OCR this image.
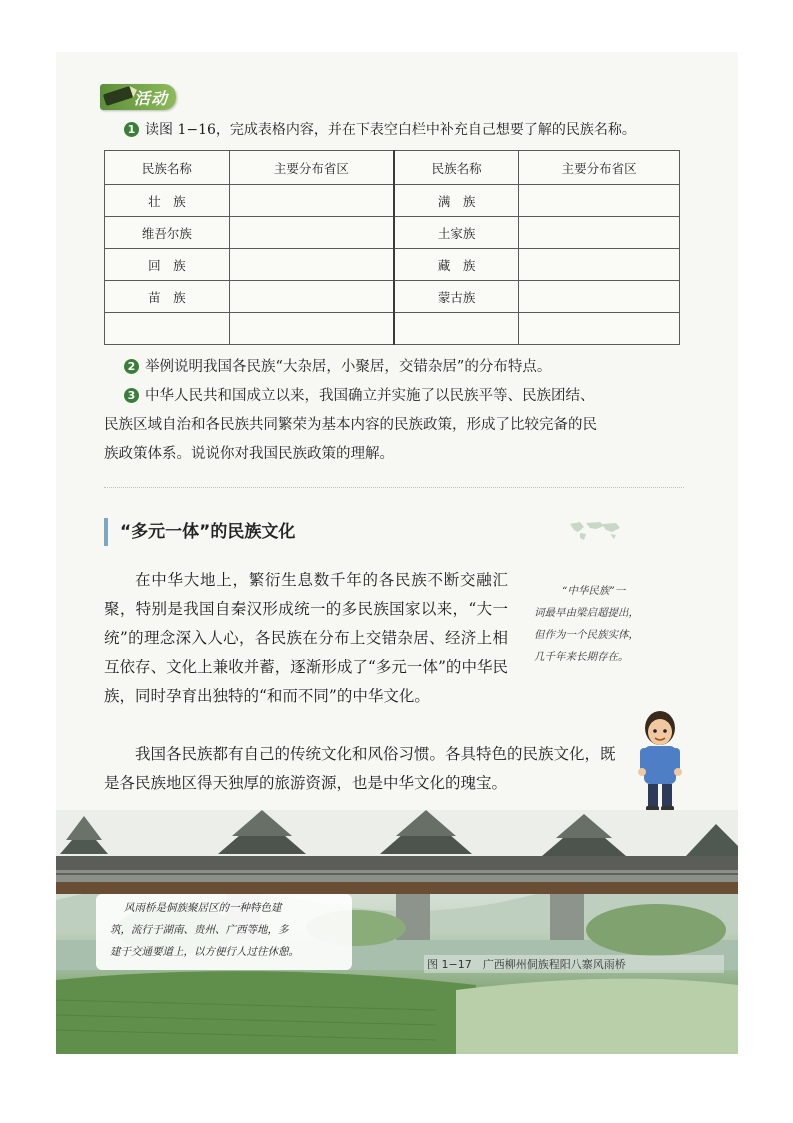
活动
1 读图 1−16，完成表格内容，并在下表空白栏中补充自己想要了解的民族名称。
民族名称	主要分布省区	民族名称	主要分布省区
壮　族		满　族	
维吾尔族		土家族	
回　族		藏　族	
苗　族		蒙古族	

2 举例说明我国各民族“大杂居，小聚居，交错杂居”的分布特点。
3 中华人民共和国成立以来，我国确立并实施了以民族平等、民族团结、
民族区域自治和各民族共同繁荣为基本内容的民族政策，形成了比较完备的民
族政策体系。说说你对我国民族政策的理解。
“多元一体”的民族文化

在中华大地上，繁衍生息数千年的各民族不断交融汇聚，特别是我国自秦汉形成统一的多民族国家以来，“大一统”的理念深入人心，各民族在分布上交错杂居、经济上相互依存、文化上兼收并蓄，逐渐形成了“多元一体”的中华民族，同时孕育出独特的“和而不同”的中华文化。

我国各民族都有自己的传统文化和风俗习惯。各具特色的民族文化，既是各民族地区得天独厚的旅游资源，也是中华文化的瑰宝。
“中华民族”一
词最早由梁启超提出，
但作为一个民族实体，
几千年来长期存在。
风雨桥是侗族聚居区的一种特色建
筑，流行于湖南、贵州、广西等地，多
建于交通要道上，以方便行人过往休憩。
图 1−17　广西柳州侗族程阳八寨风雨桥
